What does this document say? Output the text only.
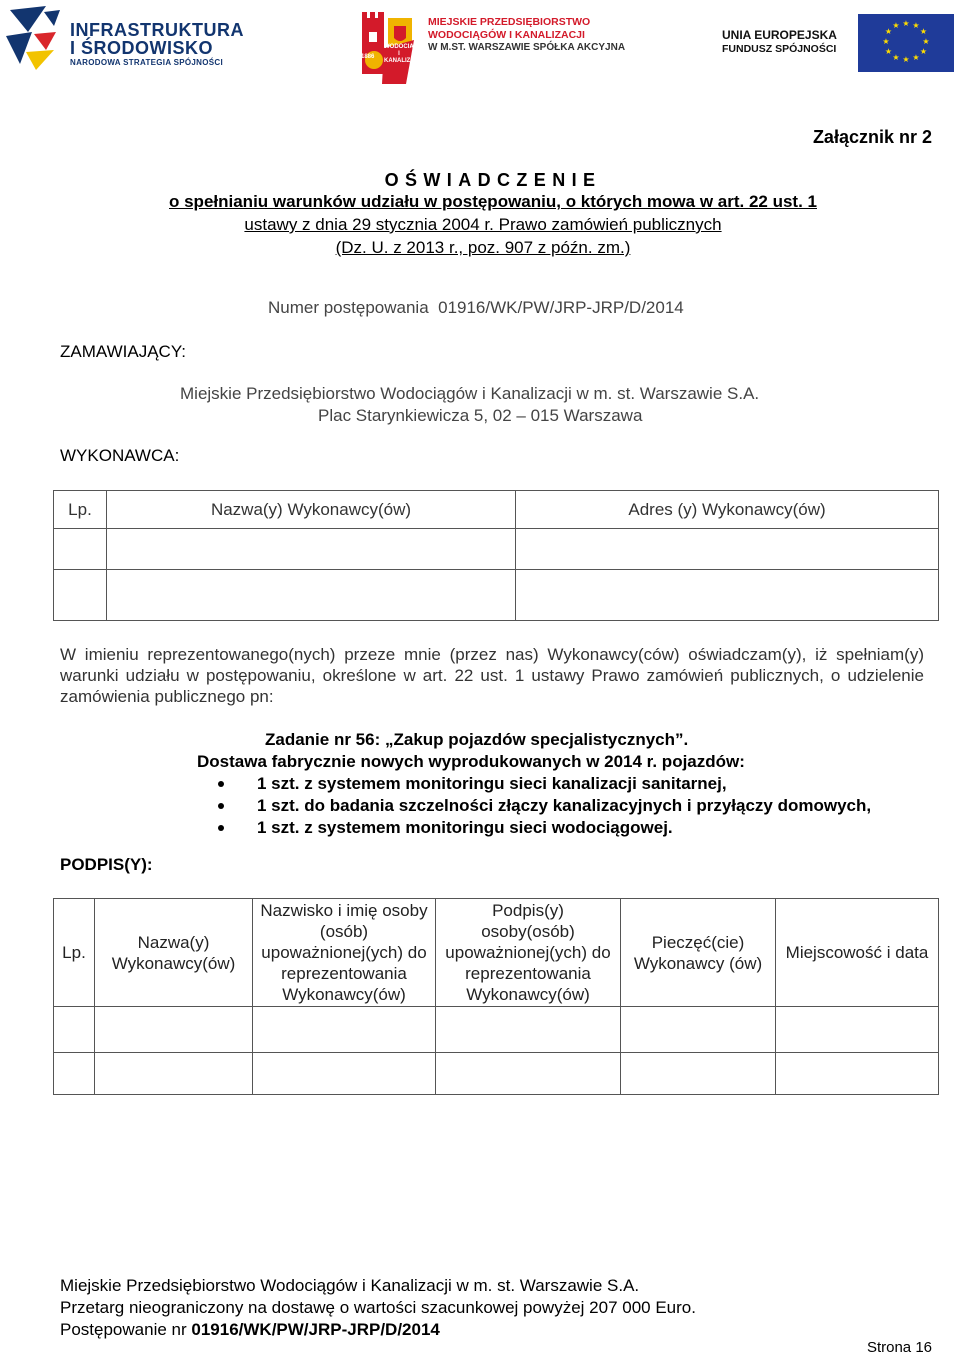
INFRASTRUKTURA
I ŚRODOWISKO
NARODOWA STRATEGIA SPÓJNOŚCI
1886
WODOCIĄGI I KANALIZACJA
MIEJSKIE PRZEDSIĘBIORSTWO
WODOCIĄGÓW I KANALIZACJI
W M.ST. WARSZAWIE SPÓŁKA AKCYJNA
UNIA EUROPEJSKA
FUNDUSZ SPÓJNOŚCI
★ ★
★
★
★
★
★
★
★
★
★
★
Załącznik nr 2
OŚWIADCZENIE
o spełnianiu warunków udziału w postępowaniu, o których mowa w art. 22 ust. 1
ustawy z dnia 29 stycznia 2004 r. Prawo zamówień publicznych
(Dz. U. z 2013 r., poz. 907 z późn. zm.)
Numer postępowania 01916/WK/PW/JRP-JRP/D/2014
ZAMAWIAJĄCY:
Miejskie Przedsiębiorstwo Wodociągów i Kanalizacji w m. st. Warszawie S.A.
Plac Starynkiewicza 5, 02 – 015 Warszawa
WYKONAWCA:
Lp.	Nazwa(y) Wykonawcy(ów)	Adres (y) Wykonawcy(ów)

W imieniu reprezentowanego(nych) przeze mnie (przez nas) Wykonawcy(ców) oświadczam(y), iż spełniam(y) warunki udziału w postępowaniu, określone w art. 22 ust. 1 ustawy Prawo zamówień publicznych, o udzielenie zamówienia publicznego pn:
Zadanie nr 56: „Zakup pojazdów specjalistycznych”.
Dostawa fabrycznie nowych wyprodukowanych w 2014 r. pojazdów:
1 szt. z systemem monitoringu sieci kanalizacji sanitarnej,
1 szt. do badania szczelności złączy kanalizacyjnych i przyłączy domowych,
1 szt. z systemem monitoringu sieci wodociągowej.
PODPIS(Y):
Lp.	Nazwa(y) Wykonawcy(ów)	Nazwisko i imię osoby (osób) upoważnionej(ych) do reprezentowania Wykonawcy(ów)	Podpis(y) osoby(osób) upoważnionej(ych) do reprezentowania Wykonawcy(ów)	Pieczęć(cie) Wykonawcy (ów)	Miejscowość i data

Miejskie Przedsiębiorstwo Wodociągów i Kanalizacji w m. st. Warszawie S.A.
Przetarg nieograniczony na dostawę o wartości szacunkowej powyżej 207 000 Euro.
Postępowanie nr 01916/WK/PW/JRP-JRP/D/2014
Strona 16
